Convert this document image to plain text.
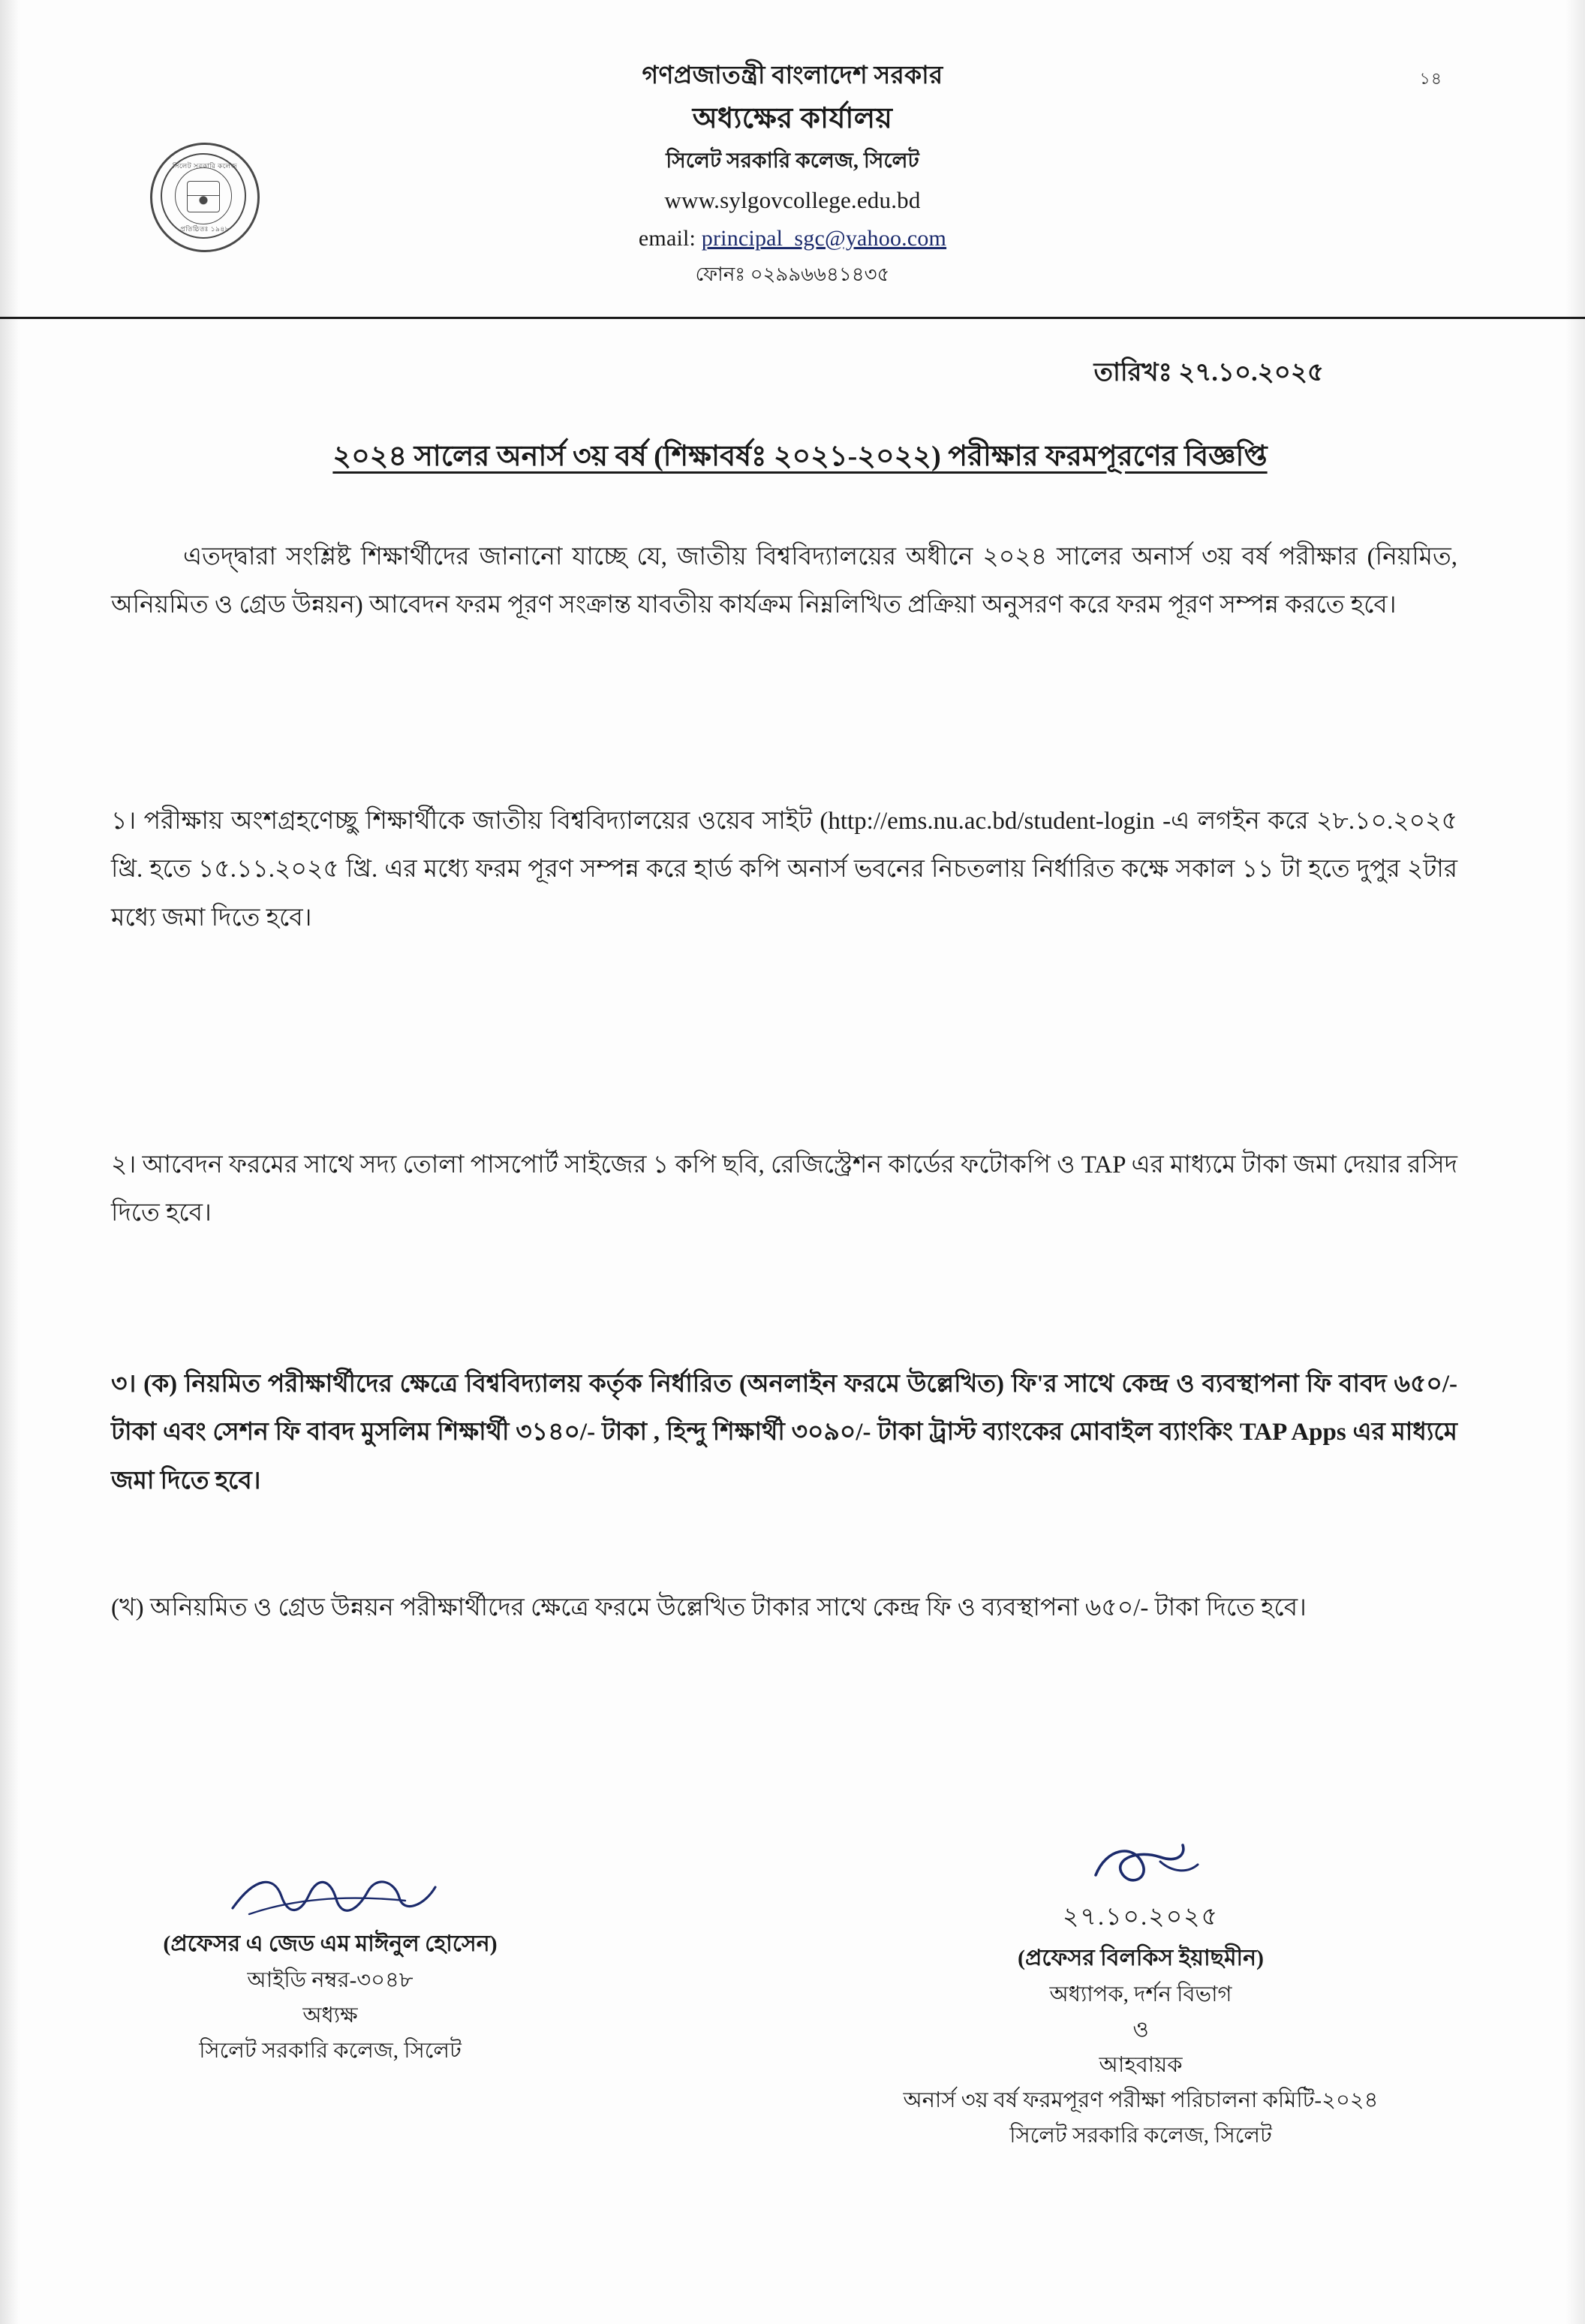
১৪
সিলেট সরকারি কলেজ
প্রতিষ্ঠিতঃ ১৯৪৮
গণপ্রজাতন্ত্রী বাংলাদেশ সরকার
অধ্যক্ষের কার্যালয়
সিলেট সরকারি কলেজ, সিলেট
www.sylgovcollege.edu.bd
email: principal_sgc@yahoo.com
ফোনঃ ০২৯৯৬৬৪১৪৩৫
তারিখঃ ২৭.১০.২০২৫
২০২৪ সালের অনার্স ৩য় বর্ষ (শিক্ষাবর্ষঃ ২০২১-২০২২) পরীক্ষার ফরমপূরণের বিজ্ঞপ্তি
এতদ্দ্বারা সংশ্লিষ্ট শিক্ষার্থীদের জানানো যাচ্ছে যে, জাতীয় বিশ্ববিদ্যালয়ের অধীনে ২০২৪ সালের অনার্স ৩য় বর্ষ পরীক্ষার (নিয়মিত, অনিয়মিত ও গ্রেড উন্নয়ন) আবেদন ফরম পূরণ সংক্রান্ত যাবতীয় কার্যক্রম নিম্নলিখিত প্রক্রিয়া অনুসরণ করে ফরম পূরণ সম্পন্ন করতে হবে।
১। পরীক্ষায় অংশগ্রহণেচ্ছু শিক্ষার্থীকে জাতীয় বিশ্ববিদ্যালয়ের ওয়েব সাইট (http://ems.nu.ac.bd/student-login -এ লগইন করে ২৮.১০.২০২৫ খ্রি. হতে ১৫.১১.২০২৫ খ্রি. এর মধ্যে ফরম পূরণ সম্পন্ন করে হার্ড কপি অনার্স ভবনের নিচতলায় নির্ধারিত কক্ষে সকাল ১১ টা হতে দুপুর ২টার মধ্যে জমা দিতে হবে।
২। আবেদন ফরমের সাথে সদ্য তোলা পাসপোর্ট সাইজের ১ কপি ছবি, রেজিস্ট্রেশন কার্ডের ফটোকপি ও TAP এর মাধ্যমে টাকা জমা দেয়ার রসিদ দিতে হবে।
৩। (ক) নিয়মিত পরীক্ষার্থীদের ক্ষেত্রে বিশ্ববিদ্যালয় কর্তৃক নির্ধারিত (অনলাইন ফরমে উল্লেখিত) ফি'র সাথে কেন্দ্র ও ব্যবস্থাপনা ফি বাবদ ৬৫০/- টাকা এবং সেশন ফি বাবদ মুসলিম শিক্ষার্থী ৩১৪০/- টাকা , হিন্দু শিক্ষার্থী ৩০৯০/- টাকা ট্রাস্ট ব্যাংকের মোবাইল ব্যাংকিং TAP Apps এর মাধ্যমে জমা দিতে হবে।
(খ) অনিয়মিত ও গ্রেড উন্নয়ন পরীক্ষার্থীদের ক্ষেত্রে ফরমে উল্লেখিত টাকার সাথে কেন্দ্র ফি ও ব্যবস্থাপনা ৬৫০/- টাকা দিতে হবে।
(প্রফেসর এ জেড এম মাঈনুল হোসেন)
আইডি নম্বর-৩০৪৮
অধ্যক্ষ
সিলেট সরকারি কলেজ, সিলেট
২৭.১০.২০২৫
(প্রফেসর বিলকিস ইয়াছমীন)
অধ্যাপক, দর্শন বিভাগ
ও
আহবায়ক
অনার্স ৩য় বর্ষ ফরমপূরণ পরীক্ষা পরিচালনা কমিটি-২০২৪
সিলেট সরকারি কলেজ, সিলেট
